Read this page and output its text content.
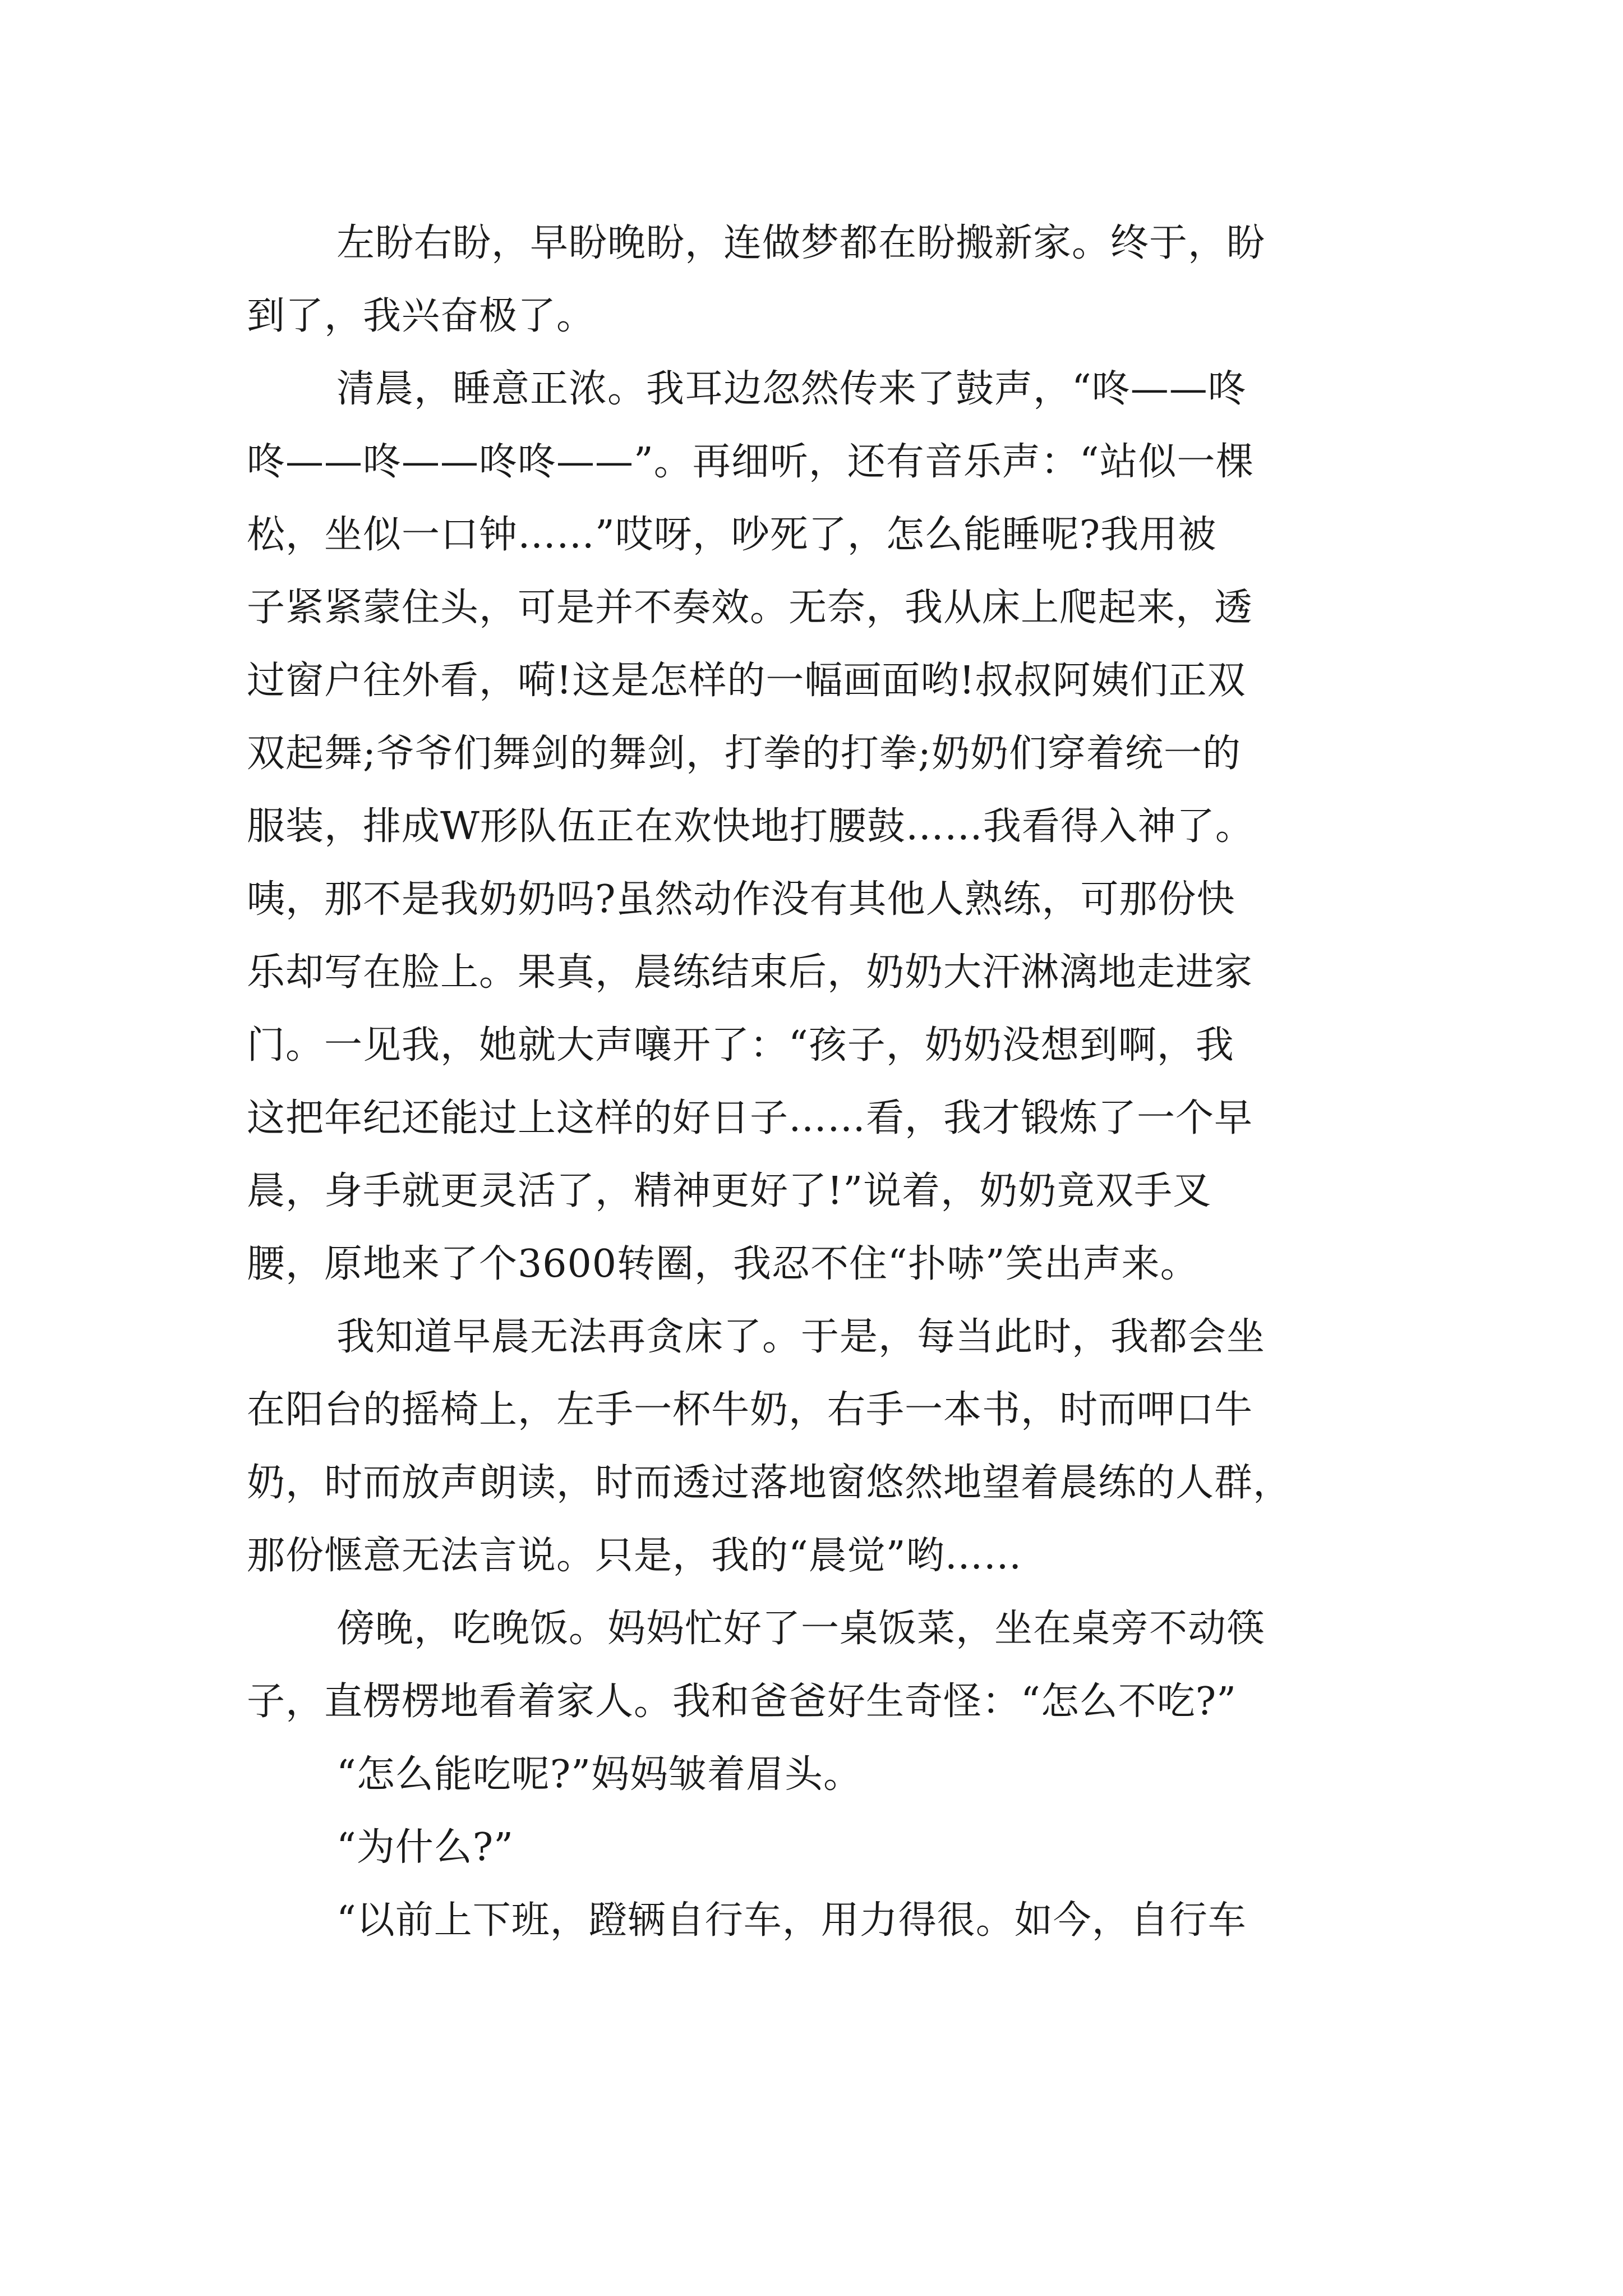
左盼右盼，早盼晚盼，连做梦都在盼搬新家。终于，盼

到了，我兴奋极了。

清晨，睡意正浓。我耳边忽然传来了鼓声，“咚——咚

咚——咚——咚咚——”。再细听，还有音乐声：“站似一棵

松，坐似一口钟……”哎呀，吵死了，怎么能睡呢?我用被

子紧紧蒙住头，可是并不奏效。无奈，我从床上爬起来，透

过窗户往外看，嗬!这是怎样的一幅画面哟!叔叔阿姨们正双

双起舞;爷爷们舞剑的舞剑，打拳的打拳;奶奶们穿着统一的

服装，排成W形队伍正在欢快地打腰鼓……我看得入神了。

咦，那不是我奶奶吗?虽然动作没有其他人熟练，可那份快

乐却写在脸上。果真，晨练结束后，奶奶大汗淋漓地走进家

门。一见我，她就大声嚷开了：“孩子，奶奶没想到啊，我

这把年纪还能过上这样的好日子……看，我才锻炼了一个早

晨，身手就更灵活了，精神更好了!”说着，奶奶竟双手叉

腰，原地来了个3600转圈，我忍不住“扑哧”笑出声来。

我知道早晨无法再贪床了。于是，每当此时，我都会坐

在阳台的摇椅上，左手一杯牛奶，右手一本书，时而呷口牛

奶，时而放声朗读，时而透过落地窗悠然地望着晨练的人群，

那份惬意无法言说。只是，我的“晨觉”哟……

傍晚，吃晚饭。妈妈忙好了一桌饭菜，坐在桌旁不动筷

子，直楞楞地看着家人。我和爸爸好生奇怪：“怎么不吃?”

“怎么能吃呢?”妈妈皱着眉头。

“为什么?”

“以前上下班，蹬辆自行车，用力得很。如今，自行车
